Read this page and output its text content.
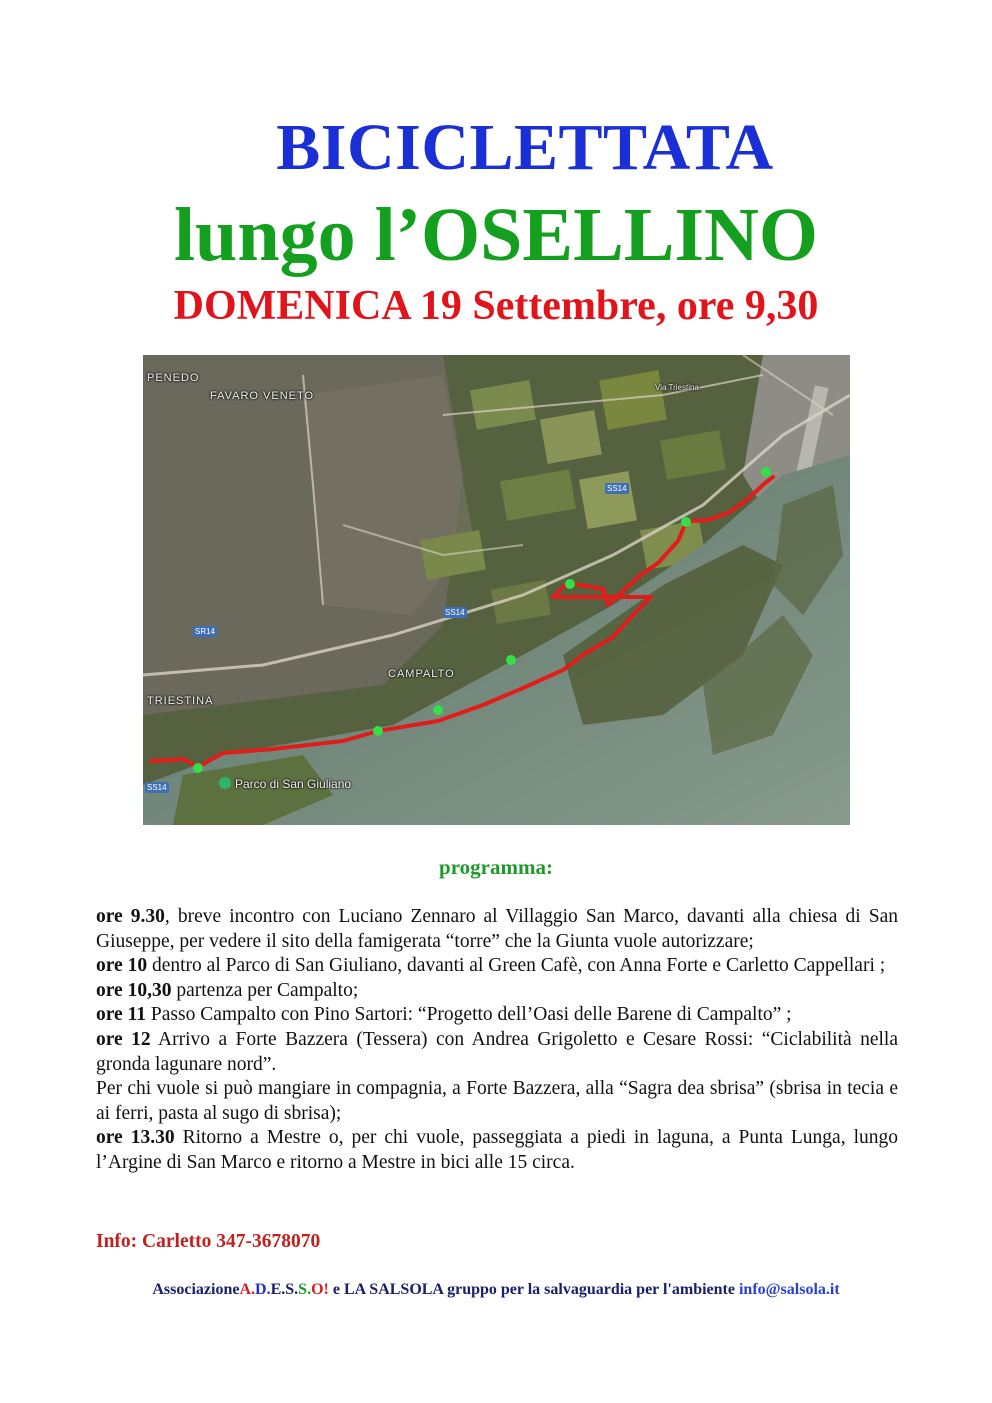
BICICLETTATA
lungo l’OSELLINO
DOMENICA 19 Settembre, ore 9,30
PENEDO
FAVARO VENETO
CAMPALTO
TRIESTINA
Parco di San Giuliano
Via Triestina
SS14
SS14
SR14
SS14
programma:

ore 9.30, breve incontro con Luciano Zennaro al Villaggio San Marco, davanti alla chiesa di San Giuseppe, per vedere il sito della famigerata “torre” che la Giunta vuole autorizzare;

ore 10 dentro al Parco di San Giuliano, davanti al Green Cafè, con Anna Forte e Carletto Cappellari ;

ore 10,30 partenza per Campalto;

ore 11 Passo Campalto con Pino Sartori: “Progetto dell’Oasi delle Barene di Campalto” ;

ore 12 Arrivo a Forte Bazzera (Tessera) con Andrea Grigoletto e Cesare Rossi: “Ciclabilità nella gronda lagunare nord”.

Per chi vuole si può mangiare in compagnia, a Forte Bazzera, alla “Sagra dea sbrisa” (sbrisa in tecia e ai ferri, pasta al sugo di sbrisa);

ore 13.30 Ritorno a Mestre o, per chi vuole, passeggiata a piedi in laguna, a Punta Lunga, lungo l’Argine di San Marco e ritorno a Mestre in bici alle 15 circa.

Info: Carletto 347-3678070
AssociazioneA.D.E.S.S.O! e LA SALSOLA gruppo per la salvaguardia per l'ambiente info@salsola.it
